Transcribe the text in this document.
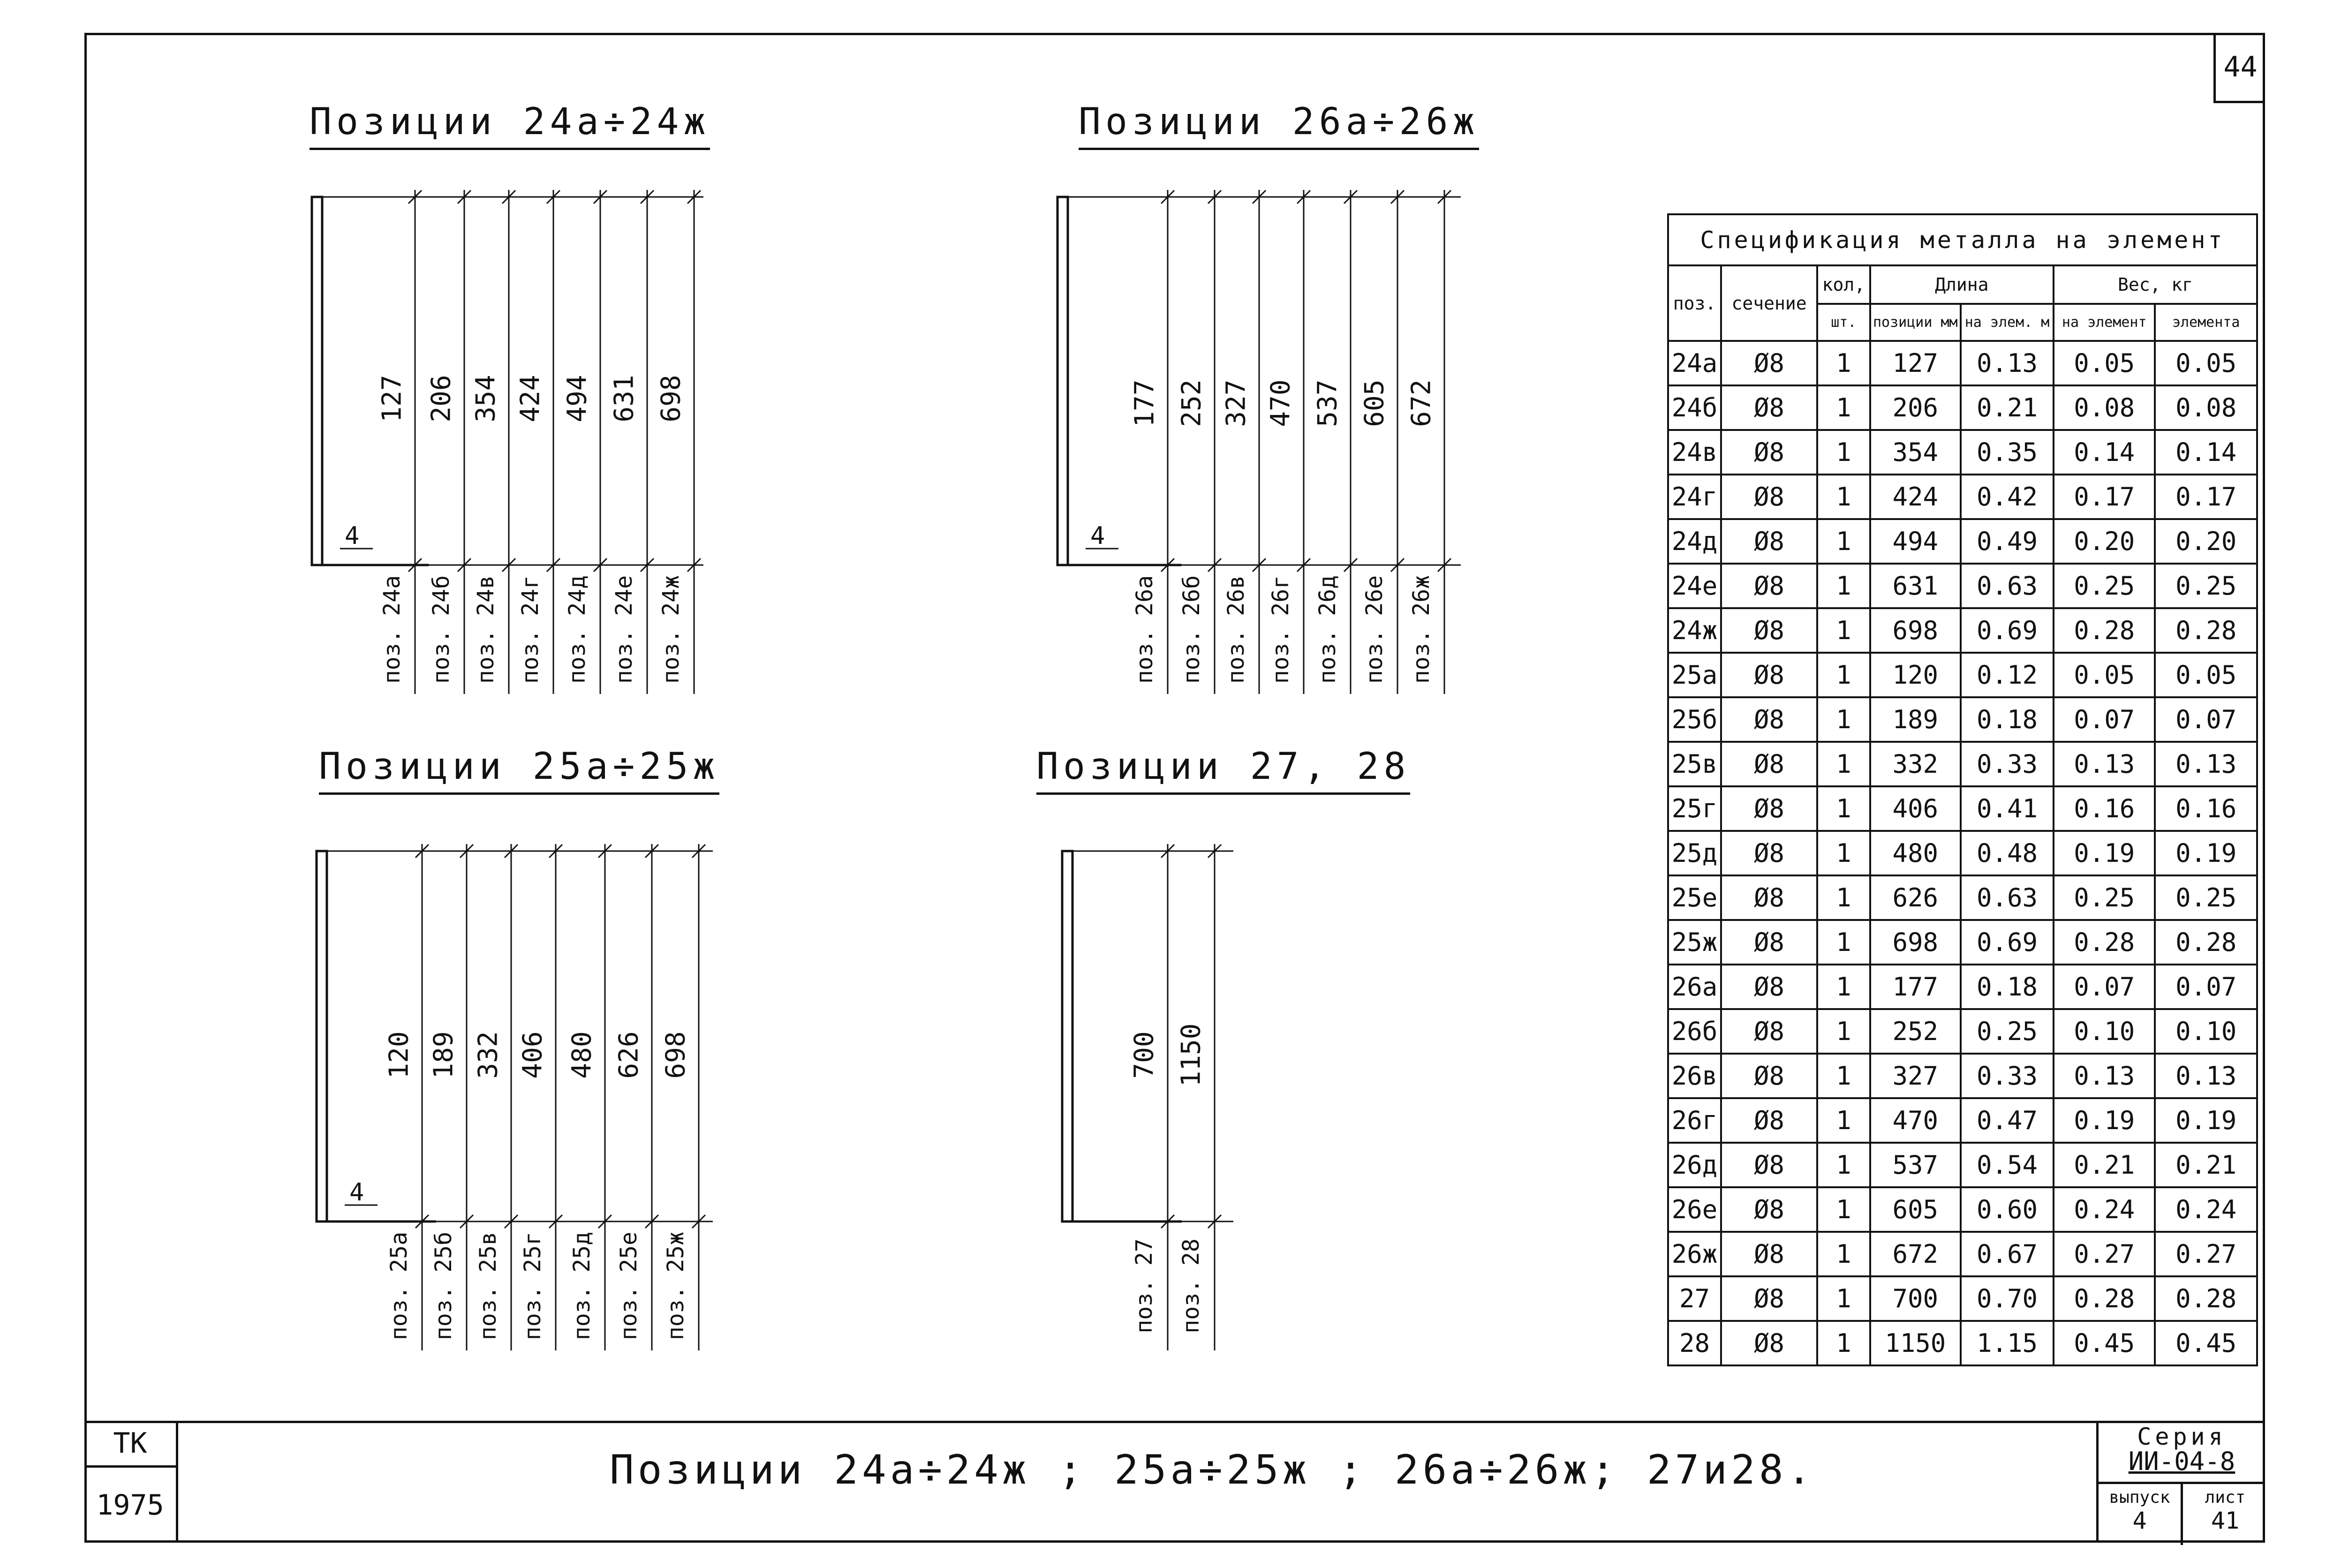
44
Позиции 24а÷24ж	Позиции 26а÷26ж
Позиции 25а÷25ж	Позиции 27, 28
4
127
поз. 24а
206
поз. 24б
354
поз. 24в
424
поз. 24г
494
поз. 24д
631
поз. 24е
698
поз. 24ж
4
177
поз. 26а
252
поз. 26б
327
поз. 26в
470
поз. 26г
537
поз. 26д
605
поз. 26е
672
поз. 26ж
4
120
поз. 25а
189
поз. 25б
332
поз. 25в
406
поз. 25г
480
поз. 25д
626
поз. 25е
698
поз. 25ж
700
поз. 27
1150
поз. 28
Спецификация металла на элемент						
поз.	сечение	кол,	Длина		Вес, кг	
		шт.	позиции мм	на элем. м	на элемент	элемента
24а	Ø8	1	127	0.13	0.05	0.05
24б	Ø8	1	206	0.21	0.08	0.08
24в	Ø8	1	354	0.35	0.14	0.14
24г	Ø8	1	424	0.42	0.17	0.17
24д	Ø8	1	494	0.49	0.20	0.20
24е	Ø8	1	631	0.63	0.25	0.25
24ж	Ø8	1	698	0.69	0.28	0.28
25а	Ø8	1	120	0.12	0.05	0.05
25б	Ø8	1	189	0.18	0.07	0.07
25в	Ø8	1	332	0.33	0.13	0.13
25г	Ø8	1	406	0.41	0.16	0.16
25д	Ø8	1	480	0.48	0.19	0.19
25е	Ø8	1	626	0.63	0.25	0.25
25ж	Ø8	1	698	0.69	0.28	0.28
26а	Ø8	1	177	0.18	0.07	0.07
26б	Ø8	1	252	0.25	0.10	0.10
26в	Ø8	1	327	0.33	0.13	0.13
26г	Ø8	1	470	0.47	0.19	0.19
26д	Ø8	1	537	0.54	0.21	0.21
26е	Ø8	1	605	0.60	0.24	0.24
26ж	Ø8	1	672	0.67	0.27	0.27
27	Ø8	1	700	0.70	0.28	0.28
28	Ø8	1	1150	1.15	0.45	0.45
ТК
1975
Позиции 24а÷24ж ; 25а÷25ж ; 26а÷26ж; 27и28.
Серия
ИИ-04-8
выпуск
4
лист
41
